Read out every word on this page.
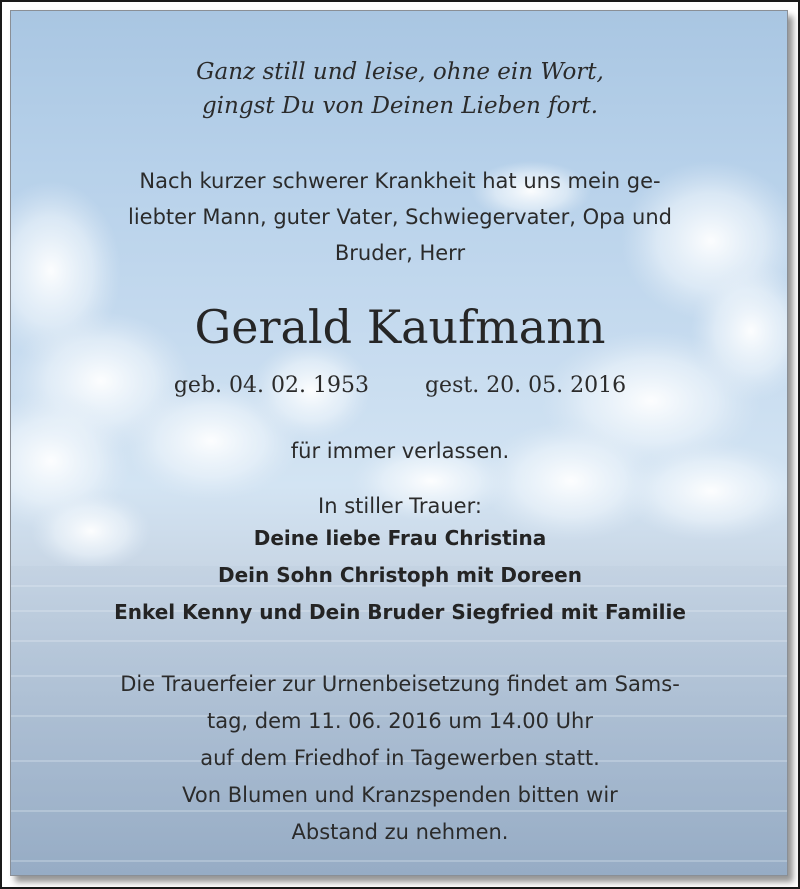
Ganz still und leise, ohne ein Wort,
gingst Du von Deinen Lieben fort.
Nach kurzer schwerer Krankheit hat uns mein ge-
liebter Mann, guter Vater, Schwiegervater, Opa und
Bruder, Herr
Gerald Kaufmann
geb. 04. 02. 1953	gest. 20. 05. 2016
für immer verlassen.
In stiller Trauer:
Deine liebe Frau Christina
Dein Sohn Christoph mit Doreen
Enkel Kenny und Dein Bruder Siegfried mit Familie
Die Trauerfeier zur Urnenbeisetzung findet am Sams-
tag, dem 11. 06. 2016 um 14.00 Uhr
auf dem Friedhof in Tagewerben statt.
Von Blumen und Kranzspenden bitten wir
Abstand zu nehmen.
